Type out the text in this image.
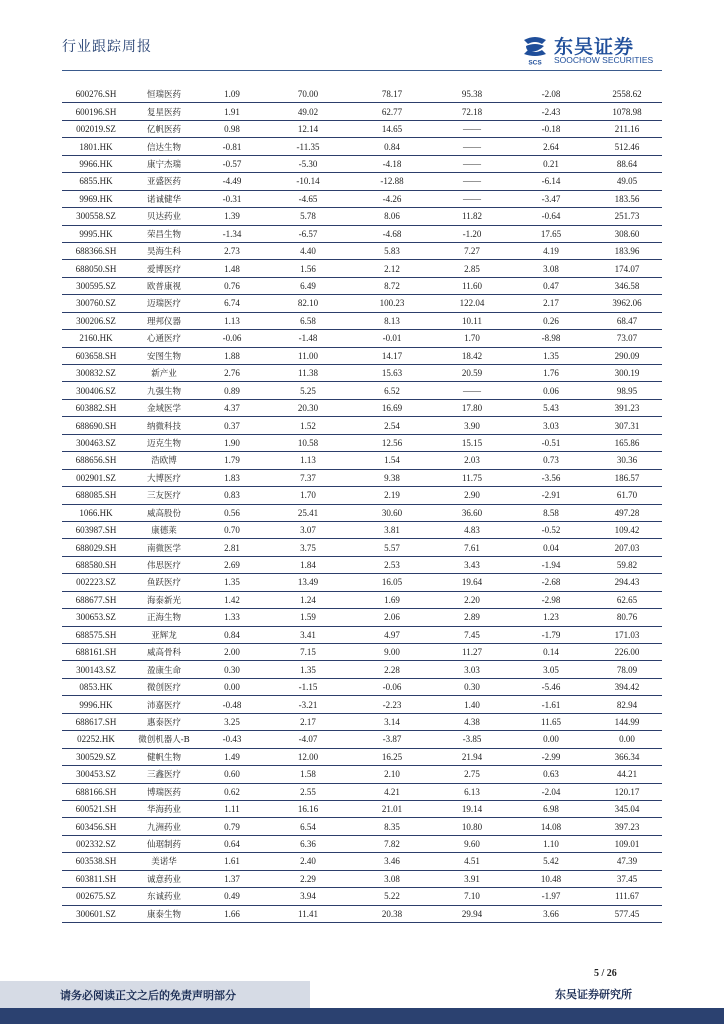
行业跟踪周报
SCS
东吴证券
SOOCHOW SECURITIES
600276.SH	恒瑞医药	1.09	70.00	78.17	95.38	-2.08	2558.62
600196.SH	复星医药	1.91	49.02	62.77	72.18	-2.43	1078.98
002019.SZ	亿帆医药	0.98	12.14	14.65	——	-0.18	211.16
1801.HK	信达生物	-0.81	-11.35	0.84	——	2.64	512.46
9966.HK	康宁杰瑞	-0.57	-5.30	-4.18	——	0.21	88.64
6855.HK	亚盛医药	-4.49	-10.14	-12.88	——	-6.14	49.05
9969.HK	诺诚健华	-0.31	-4.65	-4.26	——	-3.47	183.56
300558.SZ	贝达药业	1.39	5.78	8.06	11.82	-0.64	251.73
9995.HK	荣昌生物	-1.34	-6.57	-4.68	-1.20	17.65	308.60
688366.SH	昊海生科	2.73	4.40	5.83	7.27	4.19	183.96
688050.SH	爱博医疗	1.48	1.56	2.12	2.85	3.08	174.07
300595.SZ	欧普康视	0.76	6.49	8.72	11.60	0.47	346.58
300760.SZ	迈瑞医疗	6.74	82.10	100.23	122.04	2.17	3962.06
300206.SZ	理邦仪器	1.13	6.58	8.13	10.11	0.26	68.47
2160.HK	心通医疗	-0.06	-1.48	-0.01	1.70	-8.98	73.07
603658.SH	安图生物	1.88	11.00	14.17	18.42	1.35	290.09
300832.SZ	新产业	2.76	11.38	15.63	20.59	1.76	300.19
300406.SZ	九强生物	0.89	5.25	6.52	——	0.06	98.95
603882.SH	金域医学	4.37	20.30	16.69	17.80	5.43	391.23
688690.SH	纳微科技	0.37	1.52	2.54	3.90	3.03	307.31
300463.SZ	迈克生物	1.90	10.58	12.56	15.15	-0.51	165.86
688656.SH	浩欧博	1.79	1.13	1.54	2.03	0.73	30.36
002901.SZ	大博医疗	1.83	7.37	9.38	11.75	-3.56	186.57
688085.SH	三友医疗	0.83	1.70	2.19	2.90	-2.91	61.70
1066.HK	威高股份	0.56	25.41	30.60	36.60	8.58	497.28
603987.SH	康德莱	0.70	3.07	3.81	4.83	-0.52	109.42
688029.SH	南微医学	2.81	3.75	5.57	7.61	0.04	207.03
688580.SH	伟思医疗	2.69	1.84	2.53	3.43	-1.94	59.82
002223.SZ	鱼跃医疗	1.35	13.49	16.05	19.64	-2.68	294.43
688677.SH	海泰新光	1.42	1.24	1.69	2.20	-2.98	62.65
300653.SZ	正海生物	1.33	1.59	2.06	2.89	1.23	80.76
688575.SH	亚辉龙	0.84	3.41	4.97	7.45	-1.79	171.03
688161.SH	威高骨科	2.00	7.15	9.00	11.27	0.14	226.00
300143.SZ	盈康生命	0.30	1.35	2.28	3.03	3.05	78.09
0853.HK	微创医疗	0.00	-1.15	-0.06	0.30	-5.46	394.42
9996.HK	沛嘉医疗	-0.48	-3.21	-2.23	1.40	-1.61	82.94
688617.SH	惠泰医疗	3.25	2.17	3.14	4.38	11.65	144.99
02252.HK	微创机器人-B	-0.43	-4.07	-3.87	-3.85	0.00	0.00
300529.SZ	健帆生物	1.49	12.00	16.25	21.94	-2.99	366.34
300453.SZ	三鑫医疗	0.60	1.58	2.10	2.75	0.63	44.21
688166.SH	博瑞医药	0.62	2.55	4.21	6.13	-2.04	120.17
600521.SH	华海药业	1.11	16.16	21.01	19.14	6.98	345.04
603456.SH	九洲药业	0.79	6.54	8.35	10.80	14.08	397.23
002332.SZ	仙琚制药	0.64	6.36	7.82	9.60	1.10	109.01
603538.SH	美诺华	1.61	2.40	3.46	4.51	5.42	47.39
603811.SH	诚意药业	1.37	2.29	3.08	3.91	10.48	37.45
002675.SZ	东诚药业	0.49	3.94	5.22	7.10	-1.97	111.67
300601.SZ	康泰生物	1.66	11.41	20.38	29.94	3.66	577.45
5 / 26
请务必阅读正文之后的免责声明部分	东吴证券研究所
